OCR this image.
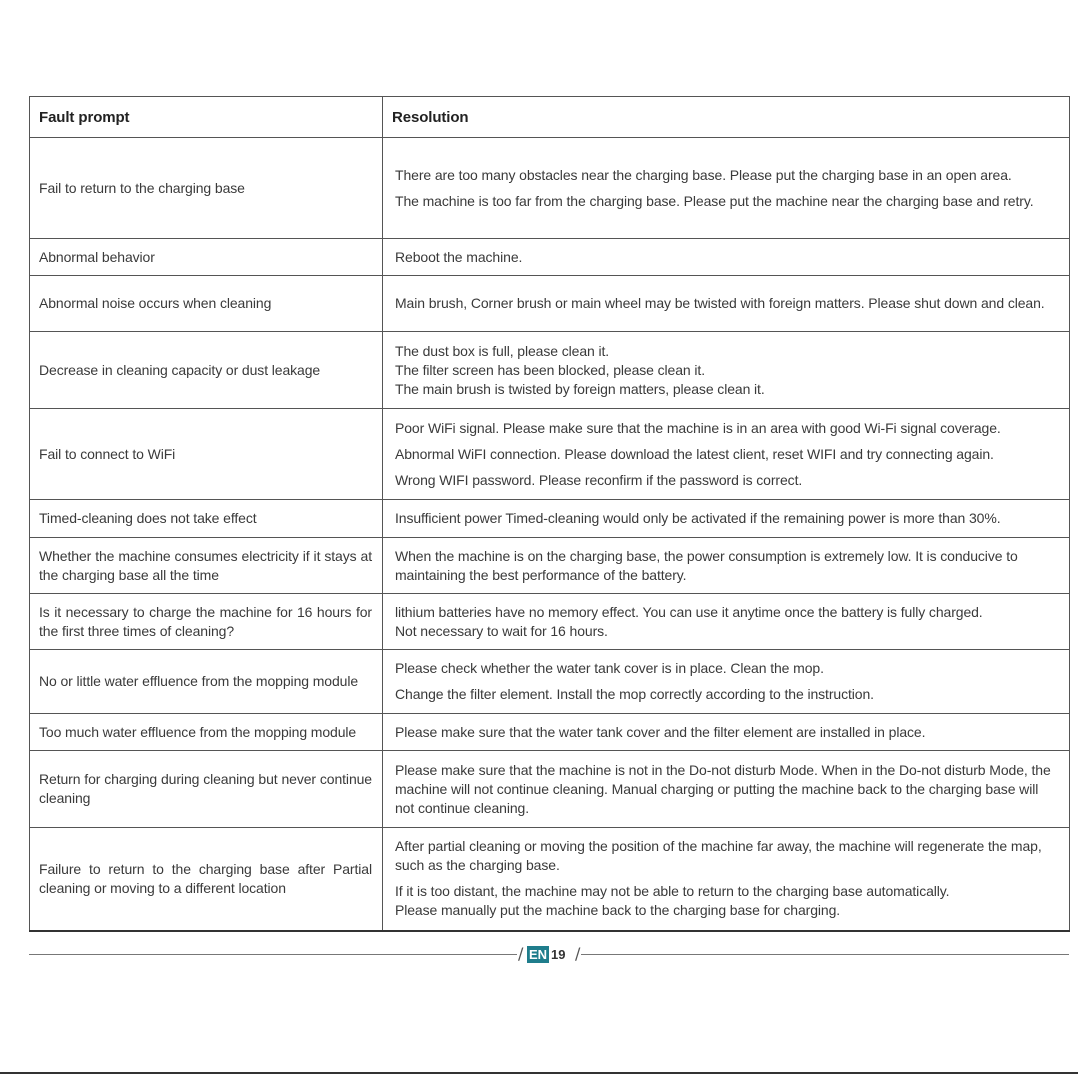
Fault prompt	Resolution
Fail to return to the charging base	There are too many obstacles near the charging base. Please put the charging base in an open area.
The machine is too far from the charging base. Please put the machine near the charging base and retry.

Abnormal behavior	Reboot the machine.

Abnormal noise occurs when cleaning	Main brush, Corner brush or main wheel may be twisted with foreign matters. Please shut down and clean.

Decrease in cleaning capacity or dust leakage	The dust box is full, please clean it.
The filter screen has been blocked, please clean it.
The main brush is twisted by foreign matters, please clean it.

Fail to connect to WiFi	Poor WiFi signal. Please make sure that the machine is in an area with good Wi-Fi signal coverage.
Abnormal WiFI connection. Please download the latest client, reset WIFI and try connecting again.
Wrong WIFI password. Please reconfirm if the password is correct.

Timed-cleaning does not take effect	Insufficient power Timed-cleaning would only be activated if the remaining power is more than 30%.

Whether the machine consumes electricity if it stays at the charging base all the time	When the machine is on the charging base, the power consumption is extremely low. It is conducive to maintaining the best performance of the battery.

Is it necessary to charge the machine for 16 hours for the first three times of cleaning?	lithium batteries have no memory effect. You can use it anytime once the battery is fully charged.
Not necessary to wait for 16 hours.

No or little water effluence from the mopping module	Please check whether the water tank cover is in place. Clean the mop.
Change the filter element. Install the mop correctly according to the instruction.

Too much water effluence from the mopping module	Please make sure that the water tank cover and the filter element are installed in place.

Return for charging during cleaning but never continue cleaning	Please make sure that the machine is not in the Do-not disturb Mode. When in the Do-not disturb Mode, the machine will not continue cleaning. Manual charging or putting the machine back to the charging base will not continue cleaning.

Failure to return to the charging base after Partial cleaning or moving to a different location	After partial cleaning or moving the position of the machine far away, the machine will regenerate the map, such as the charging base.
If it is too distant, the machine may not be able to return to the charging base automatically.
Please manually put the machine back to the charging base for charging.
/ EN 19 /
